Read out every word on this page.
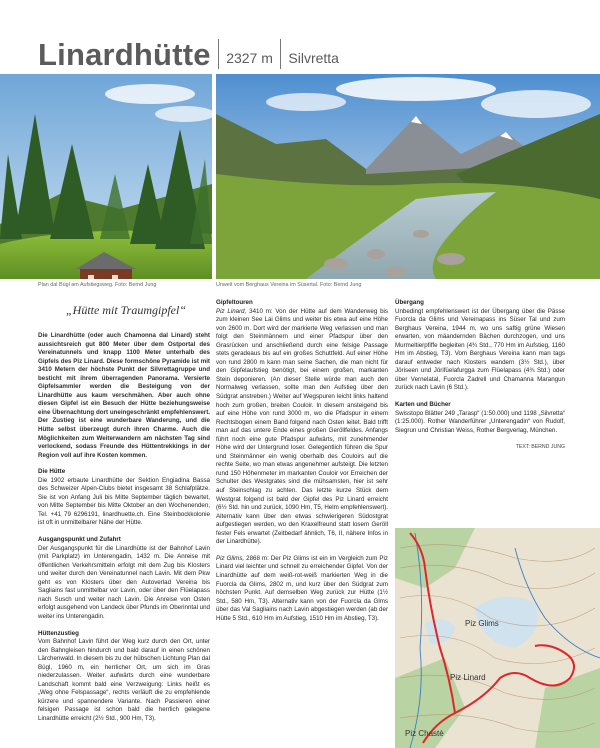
Linardhütte 2327 m Silvretta
Plan dal Bügl am Aufstiegsweg. Foto: Bernd Jung	Unweit vom Berghaus Vereina im Süsertal. Foto: Bernd Jung
„Hütte mit Traumgipfel“
Die Linardhütte (oder auch Chamonna dal Linard) steht aussichtsreich gut 800 Meter über dem Ostportal des Vereinatunnels und knapp 1100 Meter unterhalb des Gipfels des Piz Linard. Diese formschöne Pyramide ist mit 3410 Metern der höchste Punkt der Silvrettagruppe und besticht mit ihrem überragenden Panorama. Versierte Gipfelsammler werden die Besteigung von der Linardhütte aus kaum verschmähen. Aber auch ohne diesen Gipfel ist ein Besuch der Hütte beziehungsweise eine Übernachtung dort uneingeschränkt empfehlenswert. Der Zustieg ist eine wunderbare Wanderung, und die Hütte selbst überzeugt durch ihren Charme. Auch die Möglichkeiten zum Weiterwandern am nächsten Tag sind verlockend, sodass Freunde des Hüttentrekkings in der Region voll auf ihre Kosten kommen.
Die Hütte
Die 1902 erbaute Linardhütte der Sektion Engiadina Bassa des Schweizer Alpen-Clubs bietet insgesamt 38 Schlafplätze. Sie ist von Anfang Juli bis Mitte September täglich bewartet, von Mitte September bis Mitte Oktober an den Wochenenden, Tel. +41 79 6296191, linardhuette.ch. Eine Steinbockkolonie ist oft in unmittelbarer Nähe der Hütte.
Ausgangspunkt und Zufahrt
Der Ausgangspunkt für die Linardhütte ist der Bahnhof Lavin (mit Parkplatz) im Unterengadin, 1432 m. Die Anreise mit öffentlichen Verkehrsmitteln erfolgt mit dem Zug bis Klosters und weiter durch den Vereinatunnel nach Lavin. Mit dem Pkw geht es von Klosters über den Autoverlad Vereina bis Sagliains fast unmittelbar vor Lavin, oder über den Flüelapass nach Susch und weiter nach Lavin. Die Anreise von Osten erfolgt ausgehend von Landeck über Pfunds im Oberinntal und weiter ins Unterengadin.
Hüttenzustieg
Vom Bahnhof Lavin führt der Weg kurz durch den Ort, unter den Bahngleisen hindurch und bald darauf in einen schönen Lärchenwald. In diesem bis zu der hübschen Lichtung Plan dal Bügl, 1960 m, ein herrlicher Ort, um sich im Gras niederzulassen. Weiter aufwärts durch eine wunderbare Landschaft kommt bald eine Verzweigung: Links heißt es „Weg ohne Felspassage“, rechts verläuft die zu empfehlende kürzere und spannendere Variante. Nach Passieren einer felsigen Passage ist schon bald die herrlich gelegene Linardhütte erreicht (2½ Std., 900 Hm, T3).
Gipfeltouren
Piz Linard, 3410 m: Von der Hütte auf dem Wanderweg bis zum kleinen See Lai Glims und weiter bis etwa auf eine Höhe von 2600 m. Dort wird der markierte Weg verlassen und man folgt den Steinmännern und einer Pfadspur über den Grasrücken und anschließend durch eine felsige Passage stets geradeaus bis auf ein großes Schuttfeld. Auf einer Höhe von rund 2800 m kann man seine Sachen, die man nicht für den Gipfelaufstieg benötigt, bei einem großen, markanten Stein deponieren. (An dieser Stelle würde man auch den Normalweg verlassen, sollte man den Aufstieg über den Südgrat anstreben.) Weiter auf Wegspuren leicht links haltend hoch zum großen, breiten Couloir. In diesem ansteigend bis auf eine Höhe von rund 3000 m, wo die Pfadspur in einem Rechtsbogen einem Band folgend nach Osten leitet. Bald trifft man auf das untere Ende eines großen Geröllfeldes. Anfangs führt noch eine gute Pfadspur aufwärts, mit zunehmender Höhe wird der Untergrund loser. Gelegentlich führen die Spur und Steinmänner ein wenig oberhalb des Couloirs auf die rechte Seite, wo man etwas angenehmer aufsteigt. Die letzten rund 150 Höhenmeter im markanten Couloir vor Erreichen der Schulter des Westgrates sind die mühsamsten, hier ist sehr auf Steinschlag zu achten. Das letzte kurze Stück dem Westgrat folgend ist bald der Gipfel des Piz Linard erreicht (6½ Std. hin und zurück, 1090 Hm, T5, Helm empfehlenswert). Alternativ kann über den etwas schwierigeren Südostgrat aufgestiegen werden, wo den Kraxelfreund statt losem Geröll fester Fels erwartet (Zeitbedarf ähnlich, T6, II, nähere Infos in der Linardhütte).
Piz Glims, 2868 m: Der Piz Glims ist ein im Vergleich zum Piz Linard viel leichter und schnell zu erreichender Gipfel. Von der Linardhütte auf dem weiß-rot-weiß markierten Weg in die Fuorcla da Glims, 2802 m, und kurz über den Südgrat zum höchsten Punkt. Auf demselben Weg zurück zur Hütte (1½ Std., 580 Hm, T3). Alternativ kann von der Fuorcla da Glms über das Val Sagliains nach Lavin abgestiegen werden (ab der Hütte 5 Std., 610 Hm im Aufstieg, 1510 Hm im Abstieg, T3).
Übergang
Unbedingt empfehlenswert ist der Übergang über die Pässe Fuorcla da Glims und Vereinapass ins Süser Tal und zum Berghaus Vereina, 1944 m, wo uns saftig grüne Wiesen erwarten, von mäandernden Bächen durchzogen, und uns Murmeltierpfiffe begleiten (4¾ Std., 770 Hm im Aufstieg, 1160 Hm im Abstieg, T3). Vom Berghaus Vereina kann man tags darauf entweder nach Klosters wandern (3½ Std.), über Jöriseen und Jörifüelafurgga zum Flüelapass (4¾ Std.) oder über Vernelatal, Fuorcla Zadrell und Chamanna Marangun zurück nach Lavin (6 Std.).
Karten und Bücher
Swisstopo Blätter 249 „Tarasp“ (1:50.000) und 1198 „Silvretta“ (1:25.000). Rother Wanderführer „Unterengadin“ von Rudolf, Siegrun und Christian Weiss, Rother Bergverlag, München.
TEXT: BERND JUNG
Piz Glims
Piz Linard
Piz Chastè
